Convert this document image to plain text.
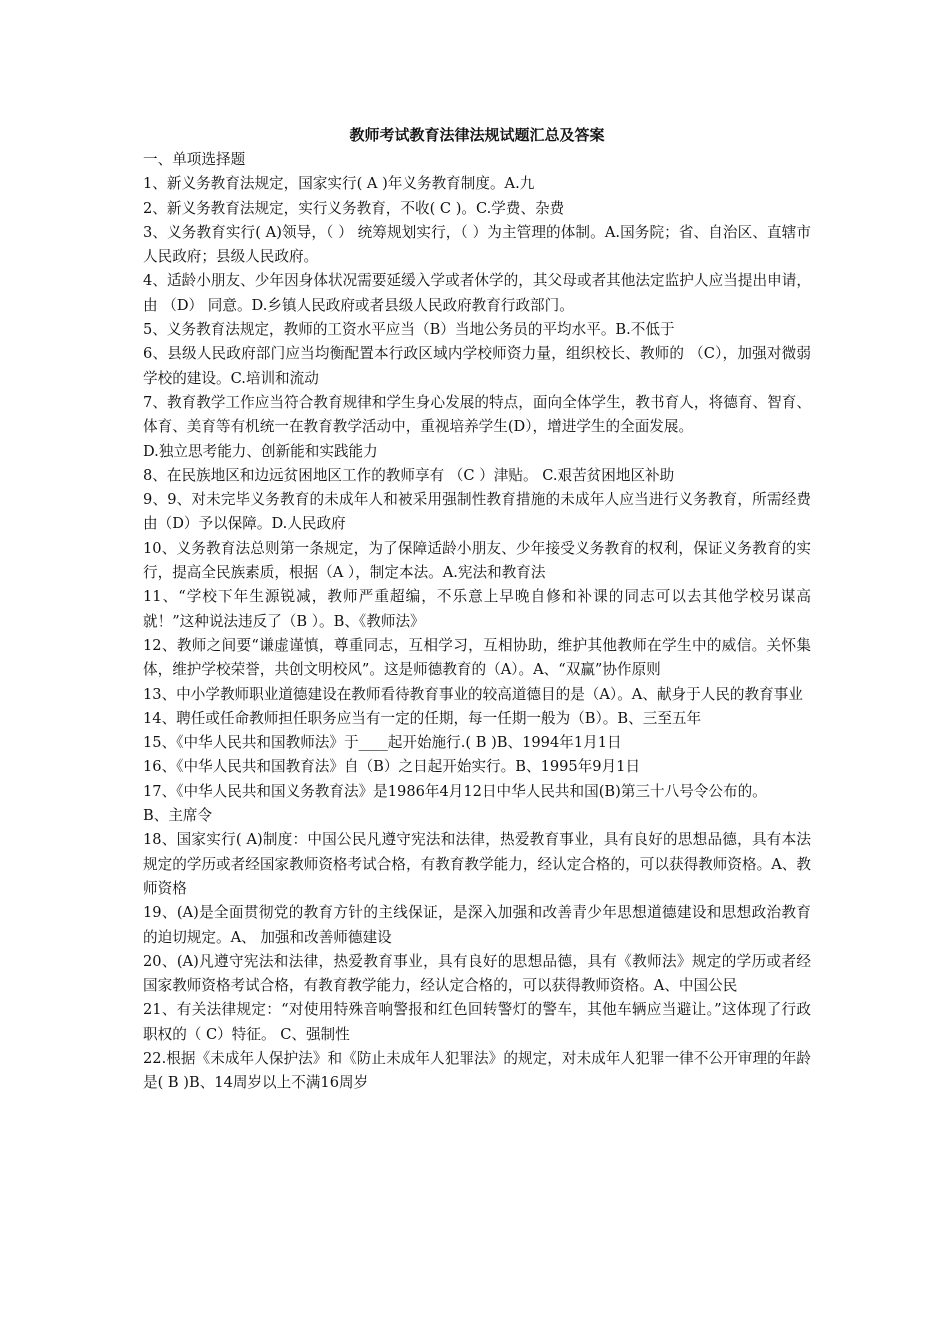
教师考试教育法律法规试题汇总及答案

一、单项选择题

1、新义务教育法规定，国家实行( A )年义务教育制度。A.九

2、新义务教育法规定，实行义务教育，不收( C )。C.学费、杂费

3、义务教育实行( A)领导，（ ） 统筹规划实行，（ ）为主管理的体制。A.国务院；省、自治区、直辖市人民政府；县级人民政府。

4、适龄小朋友、少年因身体状况需要延缓入学或者休学的，其父母或者其他法定监护人应当提出申请，由 （D） 同意。D.乡镇人民政府或者县级人民政府教育行政部门。

5、义务教育法规定，教师的工资水平应当（B）当地公务员的平均水平。B.不低于

6、县级人民政府部门应当均衡配置本行政区域内学校师资力量，组织校长、教师的 （C），加强对微弱学校的建设。C.培训和流动

7、教育教学工作应当符合教育规律和学生身心发展的特点，面向全体学生，教书育人，将德育、智育、体育、美育等有机统一在教育教学活动中，重视培养学生(D），增进学生的全面发展。

D.独立思考能力、创新能和实践能力

8、在民族地区和边远贫困地区工作的教师享有 （C ）津贴。 C.艰苦贫困地区补助

9、9、对未完毕义务教育的未成年人和被采用强制性教育措施的未成年人应当进行义务教育，所需经费由（D）予以保障。D.人民政府

10、义务教育法总则第一条规定，为了保障适龄小朋友、少年接受义务教育的权利，保证义务教育的实行，提高全民族素质，根据（A ），制定本法。A.宪法和教育法

11、“学校下年生源锐减，教师严重超编，不乐意上早晚自修和补课的同志可以去其他学校另谋高就！”这种说法违反了（B ）。B、《教师法》

12、教师之间要“谦虚谨慎，尊重同志，互相学习，互相协助，维护其他教师在学生中的威信。关怀集体，维护学校荣誉，共创文明校风”。这是师德教育的（A）。A、“双赢”协作原则

13、中小学教师职业道德建设在教师看待教育事业的较高道德目的是（A）。A、献身于人民的教育事业

14、聘任或任命教师担任职务应当有一定的任期，每一任期一般为（B）。B、三至五年

15、《中华人民共和国教师法》于____起开始施行.( B )B、1994年1月1日

16、《中华人民共和国教育法》自（B）之日起开始实行。B、1995年9月1日

17、《中华人民共和国义务教育法》是1986年4月12日中华人民共和国(B)第三十八号令公布的。

B、主席令

18、国家实行( A)制度：中国公民凡遵守宪法和法律，热爱教育事业，具有良好的思想品德，具有本法规定的学历或者经国家教师资格考试合格，有教育教学能力，经认定合格的，可以获得教师资格。A、教师资格

19、(A)是全面贯彻党的教育方针的主线保证，是深入加强和改善青少年思想道德建设和思想政治教育的迫切规定。A、 加强和改善师德建设

20、(A)凡遵守宪法和法律，热爱教育事业，具有良好的思想品德，具有《教师法》规定的学历或者经国家教师资格考试合格，有教育教学能力，经认定合格的，可以获得教师资格。A、中国公民

21、有关法律规定：“对使用特殊音响警报和红色回转警灯的警车，其他车辆应当避让。”这体现了行政职权的（ C）特征。 C、强制性

22.根据《未成年人保护法》和《防止未成年人犯罪法》的规定，对未成年人犯罪一律不公开审理的年龄是( B )B、14周岁以上不满16周岁
